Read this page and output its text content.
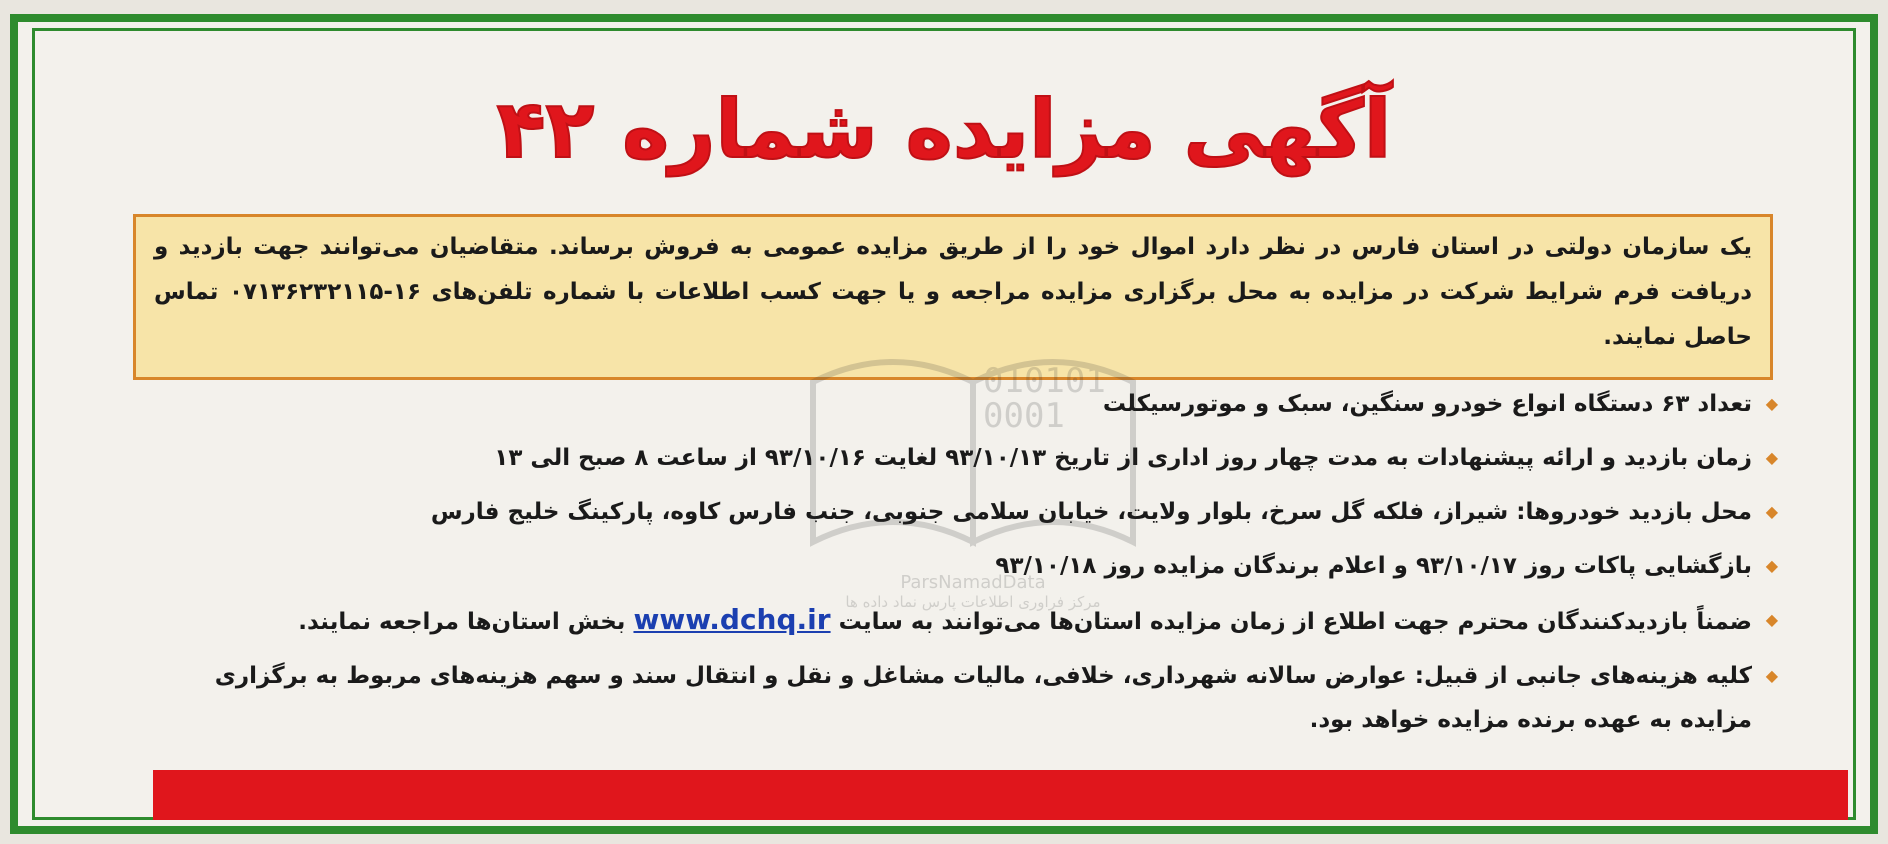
آگهی مزایده شماره ۴۲
یک سازمان دولتی در استان فارس در نظر دارد اموال خود را از طریق مزایده عمومی به فروش برساند. متقاضیان می‌توانند جهت بازدید و دریافت فرم شرایط شرکت در مزایده به محل برگزاری مزایده مراجعه و یا جهت کسب اطلاعات با شماره تلفن‌های ۱۶-۰۷۱۳۶۲۳۲۱۱۵ تماس حاصل نمایند.
◆
تعداد ۶۳ دستگاه انواع خودرو سنگین، سبک و موتورسیکلت
◆
زمان بازدید و ارائه پیشنهادات به مدت چهار روز اداری از تاریخ ۹۳/۱۰/۱۳ لغایت ۹۳/۱۰/۱۶ از ساعت ۸ صبح الی ۱۳
◆
محل بازدید خودروها: شیراز، فلکه گل سرخ، بلوار ولایت، خیابان سلامی جنوبی، جنب فارس کاوه، پارکینگ خلیج فارس
◆
بازگشایی پاکات روز ۹۳/۱۰/۱۷ و اعلام برندگان مزایده روز ۹۳/۱۰/۱۸
◆
ضمناً بازدیدکنندگان محترم جهت اطلاع از زمان مزایده استان‌ها می‌توانند به سایت www.dchq.ir بخش استان‌ها مراجعه نمایند.
◆
کلیه هزینه‌های جانبی از قبیل: عوارض سالانه شهرداری، خلافی، مالیات مشاغل و نقل و انتقال سند و سهم هزینه‌های مربوط به برگزاری مزایده به عهده برنده مزایده خواهد بود.
010101
0001
ParsNamadData
مرکز فراوری اطلاعات پارس نماد داده ها
